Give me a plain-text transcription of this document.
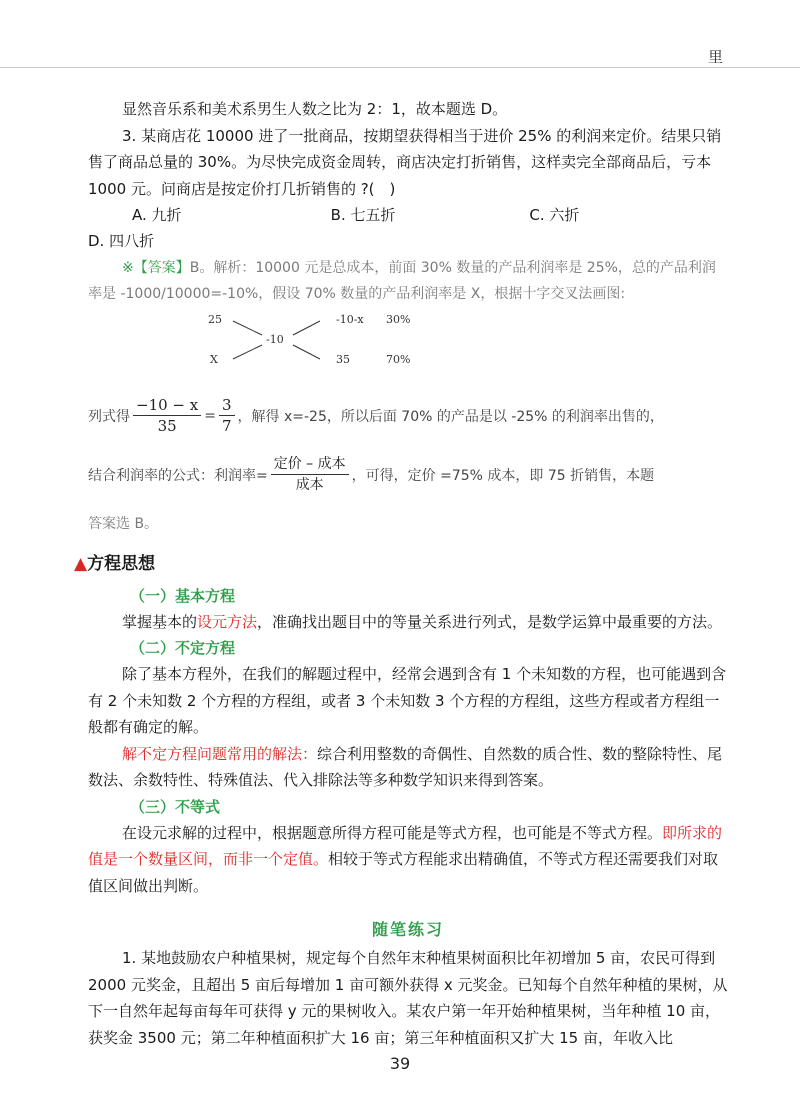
里

显然音乐系和美术系男生人数之比为 2：1，故本题选 D。

3. 某商店花 10000 进了一批商品，按期望获得相当于进价 25% 的利润来定价。结果只销售了商品总量的 30%。为尽快完成资金周转，商店决定打折销售，这样卖完全部商品后，亏本 1000 元。问商店是按定价打几折销售的 ?(　)

A. 九折	B. 七五折	C. 六折

D. 四八折

※【答案】B。解析：10000 元是总成本，前面 30% 数量的产品利润率是 25%，总的产品利润率是 -1000/10000=-10%，假设 70% 数量的产品利润率是 X，根据十字交叉法画图:

25
X
-10
-10-x 30%
35	70%
列式得 $\frac{-10 - x}{35} = \frac{3}{7}$ ，解得 x=-25，所以后面 70% 的产品是以 -25% 的利润率出售的，
结合利润率的公式：利润率= $\frac{\text{定价 – 成本}}{\text{成本}}$ ，可得，定价 =75% 成本，即 75 折销售，本题

答案选 B。

▲方程思想
（一）基本方程

掌握基本的设元方法，准确找出题目中的等量关系进行列式，是数学运算中最重要的方法。

（二）不定方程

除了基本方程外，在我们的解题过程中，经常会遇到含有 1 个未知数的方程，也可能遇到含有 2 个未知数 2 个方程的方程组，或者 3 个未知数 3 个方程的方程组，这些方程或者方程组一般都有确定的解。

解不定方程问题常用的解法：综合利用整数的奇偶性、自然数的质合性、数的整除特性、尾数法、余数特性、特殊值法、代入排除法等多种数学知识来得到答案。

（三）不等式

在设元求解的过程中，根据题意所得方程可能是等式方程，也可能是不等式方程。即所求的值是一个数量区间，而非一个定值。相较于等式方程能求出精确值，不等式方程还需要我们对取值区间做出判断。

随笔练习

1. 某地鼓励农户种植果树，规定每个自然年末种植果树面积比年初增加 5 亩，农民可得到 2000 元奖金，且超出 5 亩后每增加 1 亩可额外获得 x 元奖金。已知每个自然年种植的果树，从下一自然年起每亩每年可获得 y 元的果树收入。某农户第一年开始种植果树，当年种植 10 亩，获奖金 3500 元；第二年种植面积扩大 16 亩；第三年种植面积又扩大 15 亩，年收入比

39
